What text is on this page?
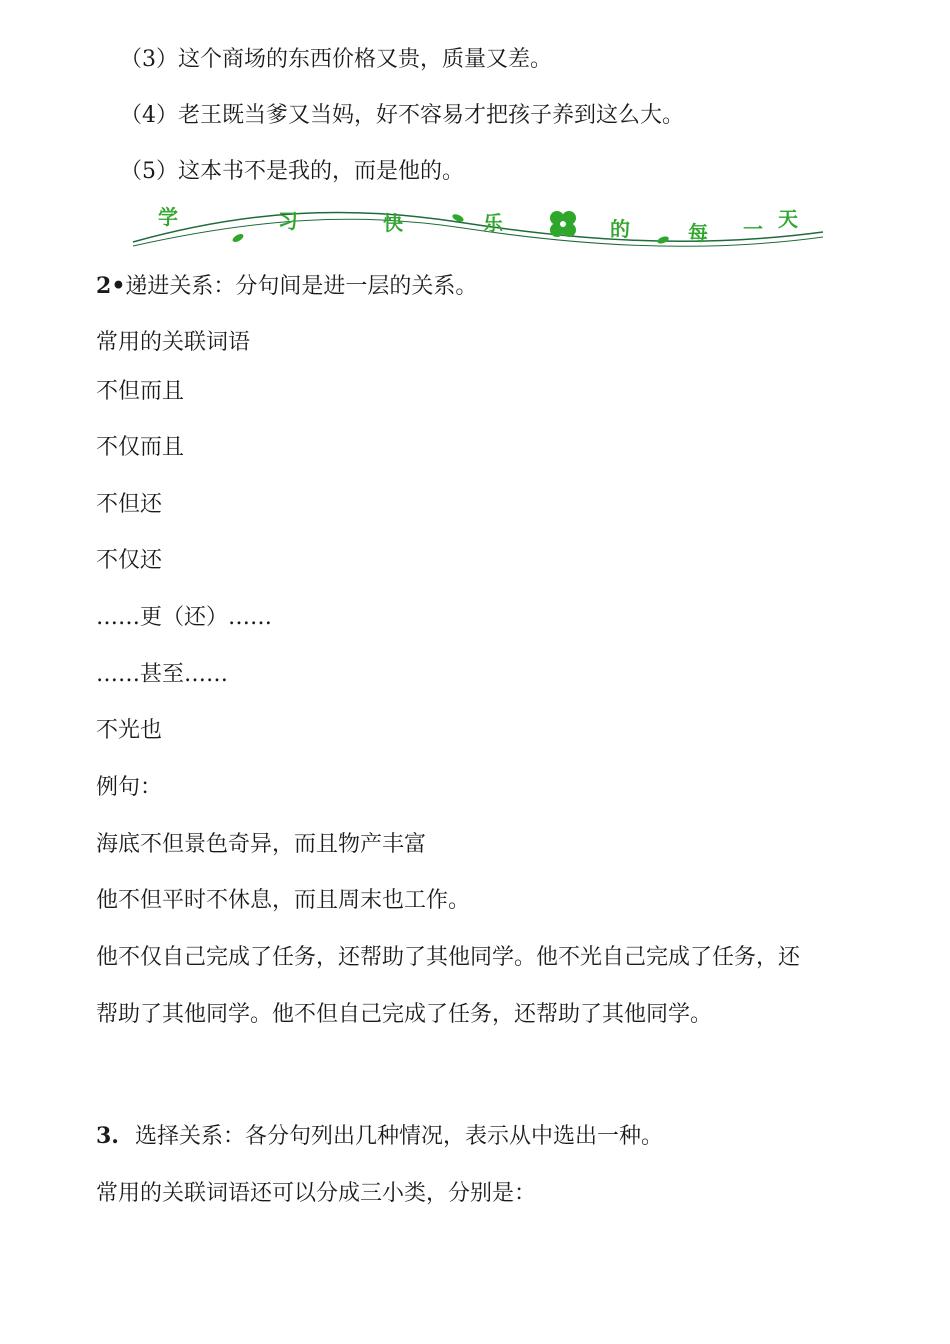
（3）这个商场的东西价格又贵，质量又差。
（4）老王既当爹又当妈，好不容易才把孩子养到这么大。
（5）这本书不是我的，而是他的。
学	习	快	乐	的	每 一 天
2•递进关系：分句间是进一层的关系。
常用的关联词语
不但而且
不仅而且
不但还
不仅还
……更（还）……
……甚至……
不光也
例句：
海底不但景色奇异，而且物产丰富
他不但平时不休息，而且周末也工作。
他不仅自己完成了任务，还帮助了其他同学。他不光自己完成了任务，还
帮助了其他同学。他不但自己完成了任务，还帮助了其他同学。
3. 选择关系：各分句列出几种情况，表示从中选出一种。
常用的关联词语还可以分成三小类，分别是：
